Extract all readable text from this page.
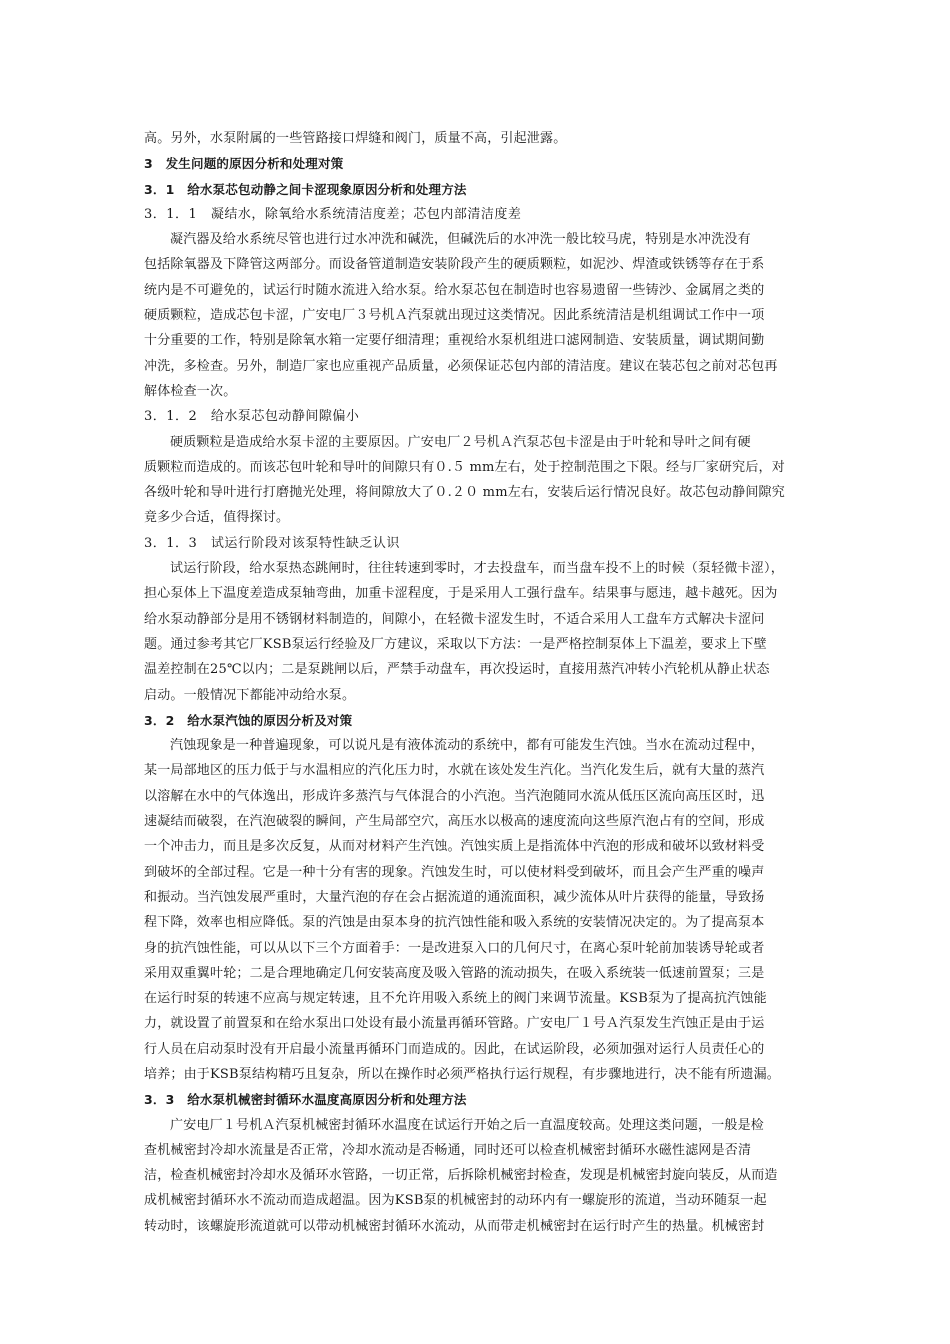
高。另外，水泵附属的一些管路接口焊缝和阀门，质量不高，引起泄露。
3　发生问题的原因分析和处理对策
3．1　给水泵芯包动静之间卡涩现象原因分析和处理方法
3．1．1　凝结水，除氧给水系统清洁度差；芯包内部清洁度差
凝汽器及给水系统尽管也进行过水冲洗和碱洗，但碱洗后的水冲洗一般比较马虎，特别是水冲洗没有
包括除氧器及下降管这两部分。而设备管道制造安装阶段产生的硬质颗粒，如泥沙、焊渣或铁锈等存在于系
统内是不可避免的，试运行时随水流进入给水泵。给水泵芯包在制造时也容易遗留一些铸沙、金属屑之类的
硬质颗粒，造成芯包卡涩，广安电厂３号机Ａ汽泵就出现过这类情况。因此系统清洁是机组调试工作中一项
十分重要的工作，特别是除氧水箱一定要仔细清理；重视给水泵机组进口滤网制造、安装质量，调试期间勤
冲洗，多检查。另外，制造厂家也应重视产品质量，必须保证芯包内部的清洁度。建议在装芯包之前对芯包再
解体检查一次。
3．1．2　给水泵芯包动静间隙偏小
硬质颗粒是造成给水泵卡涩的主要原因。广安电厂２号机Ａ汽泵芯包卡涩是由于叶轮和导叶之间有硬
质颗粒而造成的。而该芯包叶轮和导叶的间隙只有０.５ mm左右，处于控制范围之下限。经与厂家研究后，对
各级叶轮和导叶进行打磨抛光处理，将间隙放大了０.２０ mm左右，安装后运行情况良好。故芯包动静间隙究
竟多少合适，值得探讨。
3．1．3　试运行阶段对该泵特性缺乏认识
试运行阶段，给水泵热态跳闸时，往往转速到零时，才去投盘车，而当盘车投不上的时候（泵轻微卡涩），
担心泵体上下温度差造成泵轴弯曲，加重卡涩程度，于是采用人工强行盘车。结果事与愿违，越卡越死。因为
给水泵动静部分是用不锈钢材料制造的，间隙小，在轻微卡涩发生时，不适合采用人工盘车方式解决卡涩问
题。通过参考其它厂KSB泵运行经验及厂方建议，采取以下方法：一是严格控制泵体上下温差，要求上下壁
温差控制在25℃以内；二是泵跳闸以后，严禁手动盘车，再次投运时，直接用蒸汽冲转小汽轮机从静止状态
启动。一般情况下都能冲动给水泵。
3．2　给水泵汽蚀的原因分析及对策
汽蚀现象是一种普遍现象，可以说凡是有液体流动的系统中，都有可能发生汽蚀。当水在流动过程中，
某一局部地区的压力低于与水温相应的汽化压力时，水就在该处发生汽化。当汽化发生后，就有大量的蒸汽
以溶解在水中的气体逸出，形成许多蒸汽与气体混合的小汽泡。当汽泡随同水流从低压区流向高压区时，迅
速凝结而破裂，在汽泡破裂的瞬间，产生局部空穴，高压水以极高的速度流向这些原汽泡占有的空间，形成
一个冲击力，而且是多次反复，从而对材料产生汽蚀。汽蚀实质上是指流体中汽泡的形成和破坏以致材料受
到破坏的全部过程。它是一种十分有害的现象。汽蚀发生时，可以使材料受到破坏，而且会产生严重的噪声
和振动。当汽蚀发展严重时，大量汽泡的存在会占据流道的通流面积，减少流体从叶片获得的能量，导致扬
程下降，效率也相应降低。泵的汽蚀是由泵本身的抗汽蚀性能和吸入系统的安装情况决定的。为了提高泵本
身的抗汽蚀性能，可以从以下三个方面着手：一是改进泵入口的几何尺寸，在离心泵叶轮前加装诱导轮或者
采用双重翼叶轮；二是合理地确定几何安装高度及吸入管路的流动损失，在吸入系统装一低速前置泵；三是
在运行时泵的转速不应高与规定转速，且不允许用吸入系统上的阀门来调节流量。KSB泵为了提高抗汽蚀能
力，就设置了前置泵和在给水泵出口处设有最小流量再循环管路。广安电厂１号Ａ汽泵发生汽蚀正是由于运
行人员在启动泵时没有开启最小流量再循环门而造成的。因此，在试运阶段，必须加强对运行人员责任心的
培养；由于KSB泵结构精巧且复杂，所以在操作时必须严格执行运行规程，有步骤地进行，决不能有所遗漏。
3．3　给水泵机械密封循环水温度高原因分析和处理方法
广安电厂１号机Ａ汽泵机械密封循环水温度在试运行开始之后一直温度较高。处理这类问题，一般是检
查机械密封冷却水流量是否正常，冷却水流动是否畅通，同时还可以检查机械密封循环水磁性滤网是否清
洁，检查机械密封冷却水及循环水管路，一切正常，后拆除机械密封检查，发现是机械密封旋向装反，从而造
成机械密封循环水不流动而造成超温。因为KSB泵的机械密封的动环内有一螺旋形的流道，当动环随泵一起
转动时，该螺旋形流道就可以带动机械密封循环水流动，从而带走机械密封在运行时产生的热量。机械密封
